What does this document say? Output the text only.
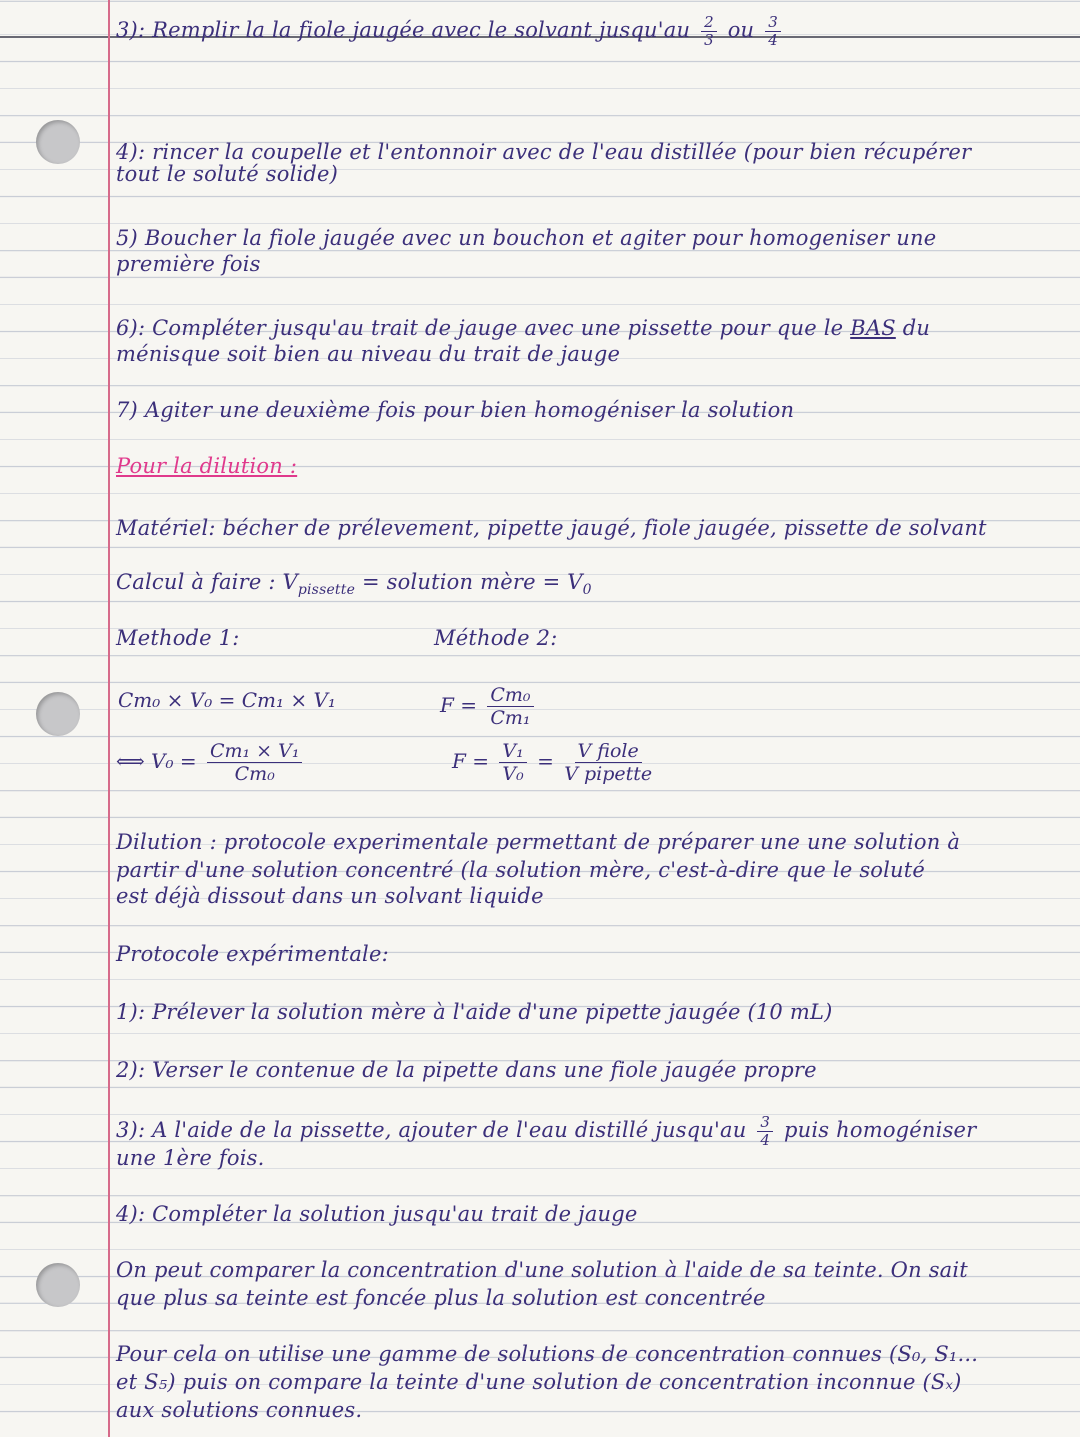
3): Remplir la la fiole jaugée avec le solvant jusqu'au $\frac{2}{3}$ ou $\frac{3}{4}$
4): rincer la coupelle et l'entonnoir avec de l'eau distillée (pour bien récupérer
tout le soluté solide)
5) Boucher la fiole jaugée avec un bouchon et agiter pour homogeniser une
première fois
6): Compléter jusqu'au trait de jauge avec une pissette pour que le BAS du
ménisque soit bien au niveau du trait de jauge
7) Agiter une deuxième fois pour bien homogéniser la solution
Pour la dilution :
Matériel: bécher de prélevement, pipette jaugé, fiole jaugée, pissette de solvant
Calcul à faire : $V_{pissette}$ = solution mère = $V_0$
Methode 1:	Méthode 2:
Cm₀ × V₀ = Cm₁ × V₁
⟺ $V_0 = \frac{\text{Cm₁ × V₁}}{\text{Cm₀}}$
$F = \frac{\text{Cm₀}}{\text{Cm₁}}$
$F = \frac{\text{V₁}}{\text{V₀}} = \frac{\text{V fiole}}{\text{V pipette}}$
Dilution : protocole experimentale permettant de préparer une une solution à
partir d'une solution concentré (la solution mère, c'est-à-dire que le soluté
est déjà dissout dans un solvant liquide
Protocole expérimentale:
1): Prélever la solution mère à l'aide d'une pipette jaugée (10 mL)
2): Verser le contenue de la pipette dans une fiole jaugée propre
3): A l'aide de la pissette, ajouter de l'eau distillé jusqu'au $\frac{3}{4}$ puis homogéniser
une 1ère fois.
4): Compléter la solution jusqu'au trait de jauge
On peut comparer la concentration d'une solution à l'aide de sa teinte. On sait
que plus sa teinte est foncée plus la solution est concentrée
Pour cela on utilise une gamme de solutions de concentration connues (S₀, S₁...
et S₅) puis on compare la teinte d'une solution de concentration inconnue (Sₓ)
aux solutions connues.
